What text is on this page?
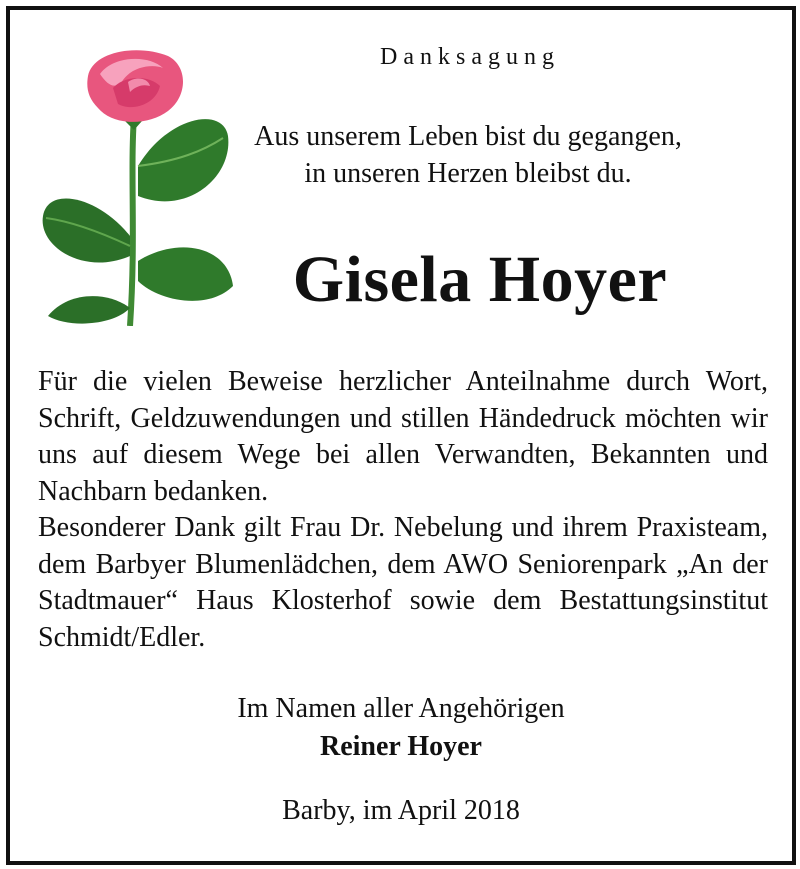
Danksagung
Aus unserem Leben bist du gegangen,
in unseren Herzen bleibst du.
Gisela Hoyer

Für die vielen Beweise herzlicher Anteilnahme durch Wort, Schrift, Geldzuwendungen und stillen Händedruck möchten wir uns auf diesem Wege bei allen Verwandten, Bekannten und Nachbarn bedanken.

Besonderer Dank gilt Frau Dr. Nebelung und ihrem Praxisteam, dem Barbyer Blumenlädchen, dem AWO Seniorenpark „An der Stadtmauer“ Haus Klosterhof sowie dem Bestattungsinstitut Schmidt/Edler.

Im Namen aller Angehörigen
Reiner Hoyer
Barby, im April 2018
